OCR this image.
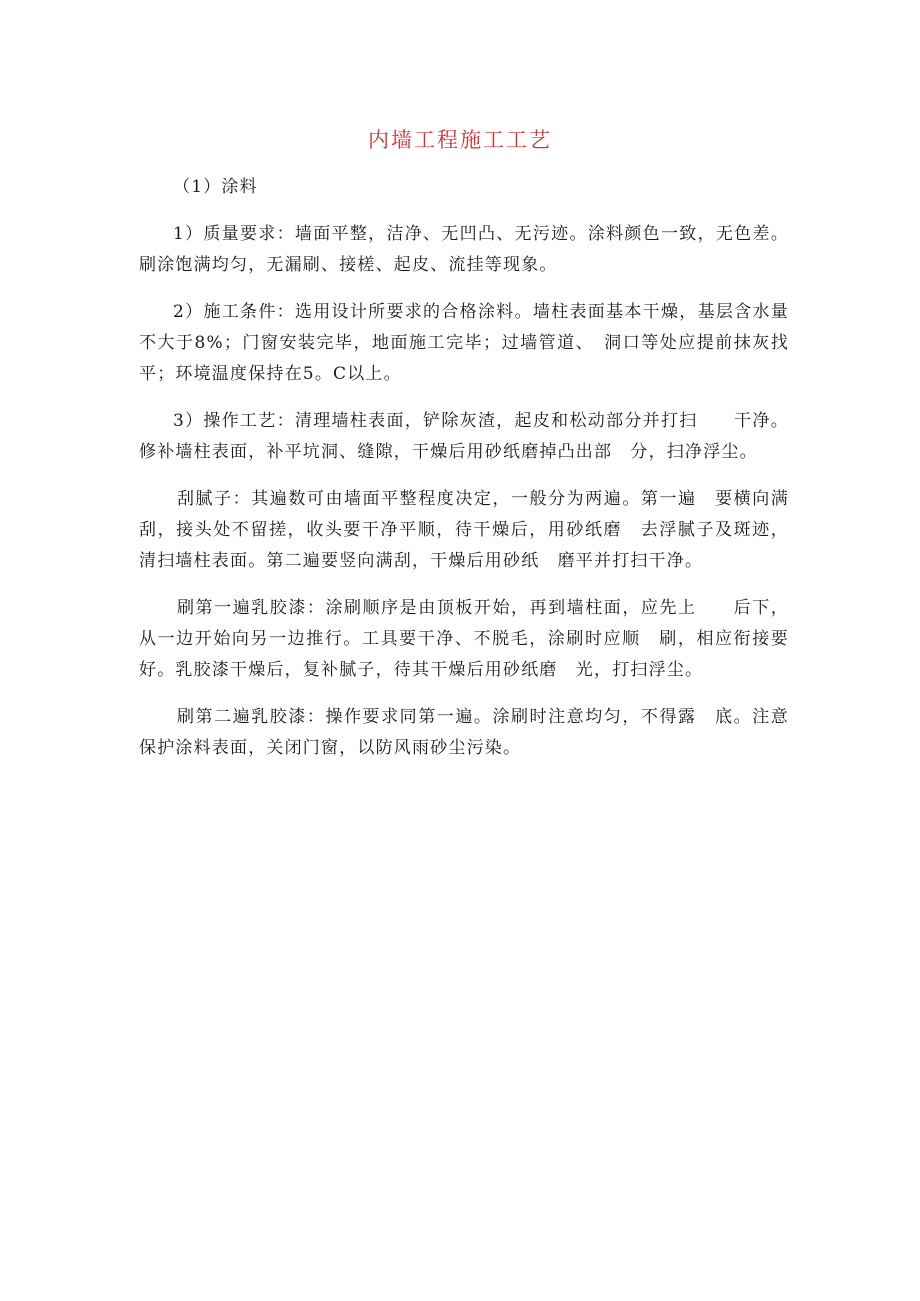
内墙工程施工工艺

（1）涂料

1）质量要求：墙面平整，洁净、无凹凸、无污迹。涂料颜色一致，无色差。刷涂饱满均匀，无漏刷、接槎、起皮、流挂等现象。

2）施工条件：选用设计所要求的合格涂料。墙柱表面基本干燥，基层含水量不大于8%；门窗安装完毕，地面施工完毕；过墙管道、　洞口等处应提前抹灰找平；环境温度保持在5。C以上。

3）操作工艺：清理墙柱表面，铲除灰渣，起皮和松动部分并打扫　　干净。修补墙柱表面，补平坑洞、缝隙，干燥后用砂纸磨掉凸出部　分，扫净浮尘。

刮腻子：其遍数可由墙面平整程度决定，一般分为两遍。第一遍　要横向满刮，接头处不留搓，收头要干净平顺，待干燥后，用砂纸磨　去浮腻子及斑迹，清扫墙柱表面。第二遍要竖向满刮，干燥后用砂纸　磨平并打扫干净。

刷第一遍乳胶漆：涂刷顺序是由顶板开始，再到墙柱面，应先上　　后下，从一边开始向另一边推行。工具要干净、不脱毛，涂刷时应顺　刷，相应衔接要好。乳胶漆干燥后，复补腻子，待其干燥后用砂纸磨　光，打扫浮尘。

刷第二遍乳胶漆：操作要求同第一遍。涂刷时注意均匀，不得露　底。注意保护涂料表面，关闭门窗，以防风雨砂尘污染。
